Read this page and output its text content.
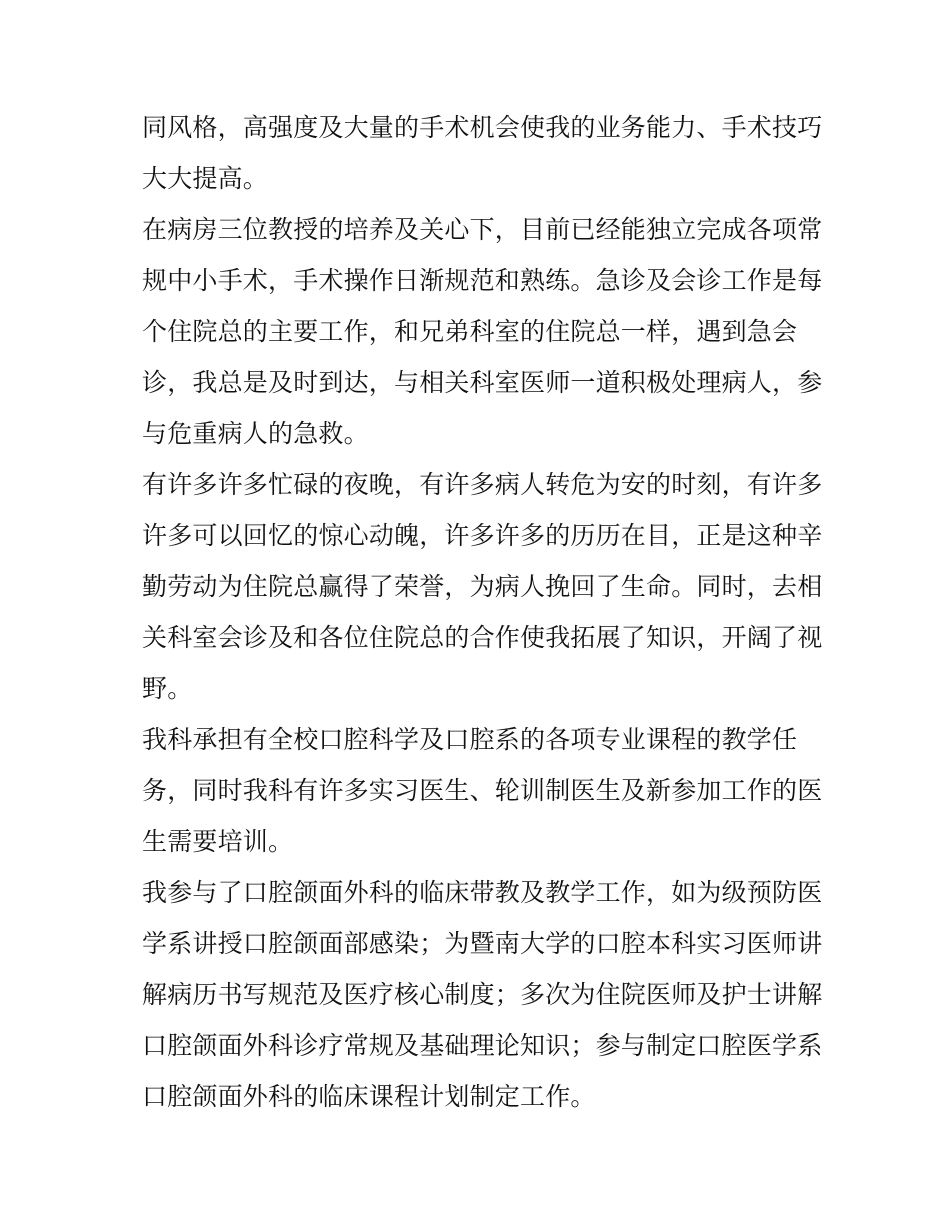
同风格，高强度及大量的手术机会使我的业务能力、手术技巧

大大提高。

在病房三位教授的培养及关心下，目前已经能独立完成各项常

规中小手术，手术操作日渐规范和熟练。急诊及会诊工作是每

个住院总的主要工作，和兄弟科室的住院总一样，遇到急会

诊，我总是及时到达，与相关科室医师一道积极处理病人，参

与危重病人的急救。

有许多许多忙碌的夜晚，有许多病人转危为安的时刻，有许多

许多可以回忆的惊心动魄，许多许多的历历在目，正是这种辛

勤劳动为住院总赢得了荣誉，为病人挽回了生命。同时，去相

关科室会诊及和各位住院总的合作使我拓展了知识，开阔了视

野。

我科承担有全校口腔科学及口腔系的各项专业课程的教学任

务，同时我科有许多实习医生、轮训制医生及新参加工作的医

生需要培训。

我参与了口腔颌面外科的临床带教及教学工作，如为级预防医

学系讲授口腔颌面部感染；为暨南大学的口腔本科实习医师讲

解病历书写规范及医疗核心制度；多次为住院医师及护士讲解

口腔颌面外科诊疗常规及基础理论知识；参与制定口腔医学系

口腔颌面外科的临床课程计划制定工作。
